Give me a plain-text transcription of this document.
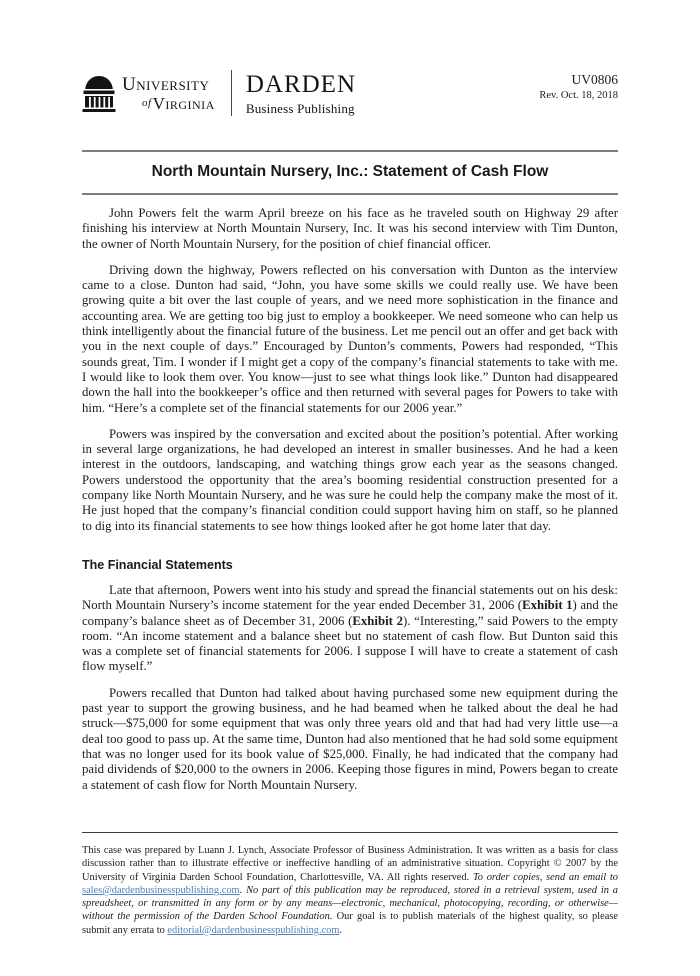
University
ofVirginia
DARDEN
Business Publishing
UV0806
Rev. Oct. 18, 2018
North Mountain Nursery, Inc.: Statement of Cash Flow

John Powers felt the warm April breeze on his face as he traveled south on Highway 29 after finishing his interview at North Mountain Nursery, Inc. It was his second interview with Tim Dunton, the owner of North Mountain Nursery, for the position of chief financial officer.

Driving down the highway, Powers reflected on his conversation with Dunton as the interview came to a close. Dunton had said, “John, you have some skills we could really use. We have been growing quite a bit over the last couple of years, and we need more sophistication in the finance and accounting area. We are getting too big just to employ a bookkeeper. We need someone who can help us think intelligently about the financial future of the business. Let me pencil out an offer and get back with you in the next couple of days.” Encouraged by Dunton’s comments, Powers had responded, “This sounds great, Tim. I wonder if I might get a copy of the company’s financial statements to take with me. I would like to look them over. You know—just to see what things look like.” Dunton had disappeared down the hall into the bookkeeper’s office and then returned with several pages for Powers to take with him. “Here’s a complete set of the financial statements for our 2006 year.”

Powers was inspired by the conversation and excited about the position’s potential. After working in several large organizations, he had developed an interest in smaller businesses. And he had a keen interest in the outdoors, landscaping, and watching things grow each year as the seasons changed. Powers understood the opportunity that the area’s booming residential construction presented for a company like North Mountain Nursery, and he was sure he could help the company make the most of it. He just hoped that the company’s financial condition could support having him on staff, so he planned to dig into its financial statements to see how things looked after he got home later that day.

The Financial Statements

Late that afternoon, Powers went into his study and spread the financial statements out on his desk: North Mountain Nursery’s income statement for the year ended December 31, 2006 (Exhibit 1) and the company’s balance sheet as of December 31, 2006 (Exhibit 2). “Interesting,” said Powers to the empty room. “An income statement and a balance sheet but no statement of cash flow. But Dunton said this was a complete set of financial statements for 2006. I suppose I will have to create a statement of cash flow myself.”

Powers recalled that Dunton had talked about having purchased some new equipment during the past year to support the growing business, and he had beamed when he talked about the deal he had struck—$75,000 for some equipment that was only three years old and that had had very little use—a deal too good to pass up. At the same time, Dunton had also mentioned that he had sold some equipment that was no longer used for its book value of $25,000. Finally, he had indicated that the company had paid dividends of $20,000 to the owners in 2006. Keeping those figures in mind, Powers began to create a statement of cash flow for North Mountain Nursery.

This case was prepared by Luann J. Lynch, Associate Professor of Business Administration. It was written as a basis for class discussion rather than to illustrate effective or ineffective handling of an administrative situation. Copyright © 2007 by the University of Virginia Darden School Foundation, Charlottesville, VA. All rights reserved. To order copies, send an email to sales@dardenbusinesspublishing.com. No part of this publication may be reproduced, stored in a retrieval system, used in a spreadsheet, or transmitted in any form or by any means—electronic, mechanical, photocopying, recording, or otherwise—without the permission of the Darden School Foundation. Our goal is to publish materials of the highest quality, so please submit any errata to editorial@dardenbusinesspublishing.com.
